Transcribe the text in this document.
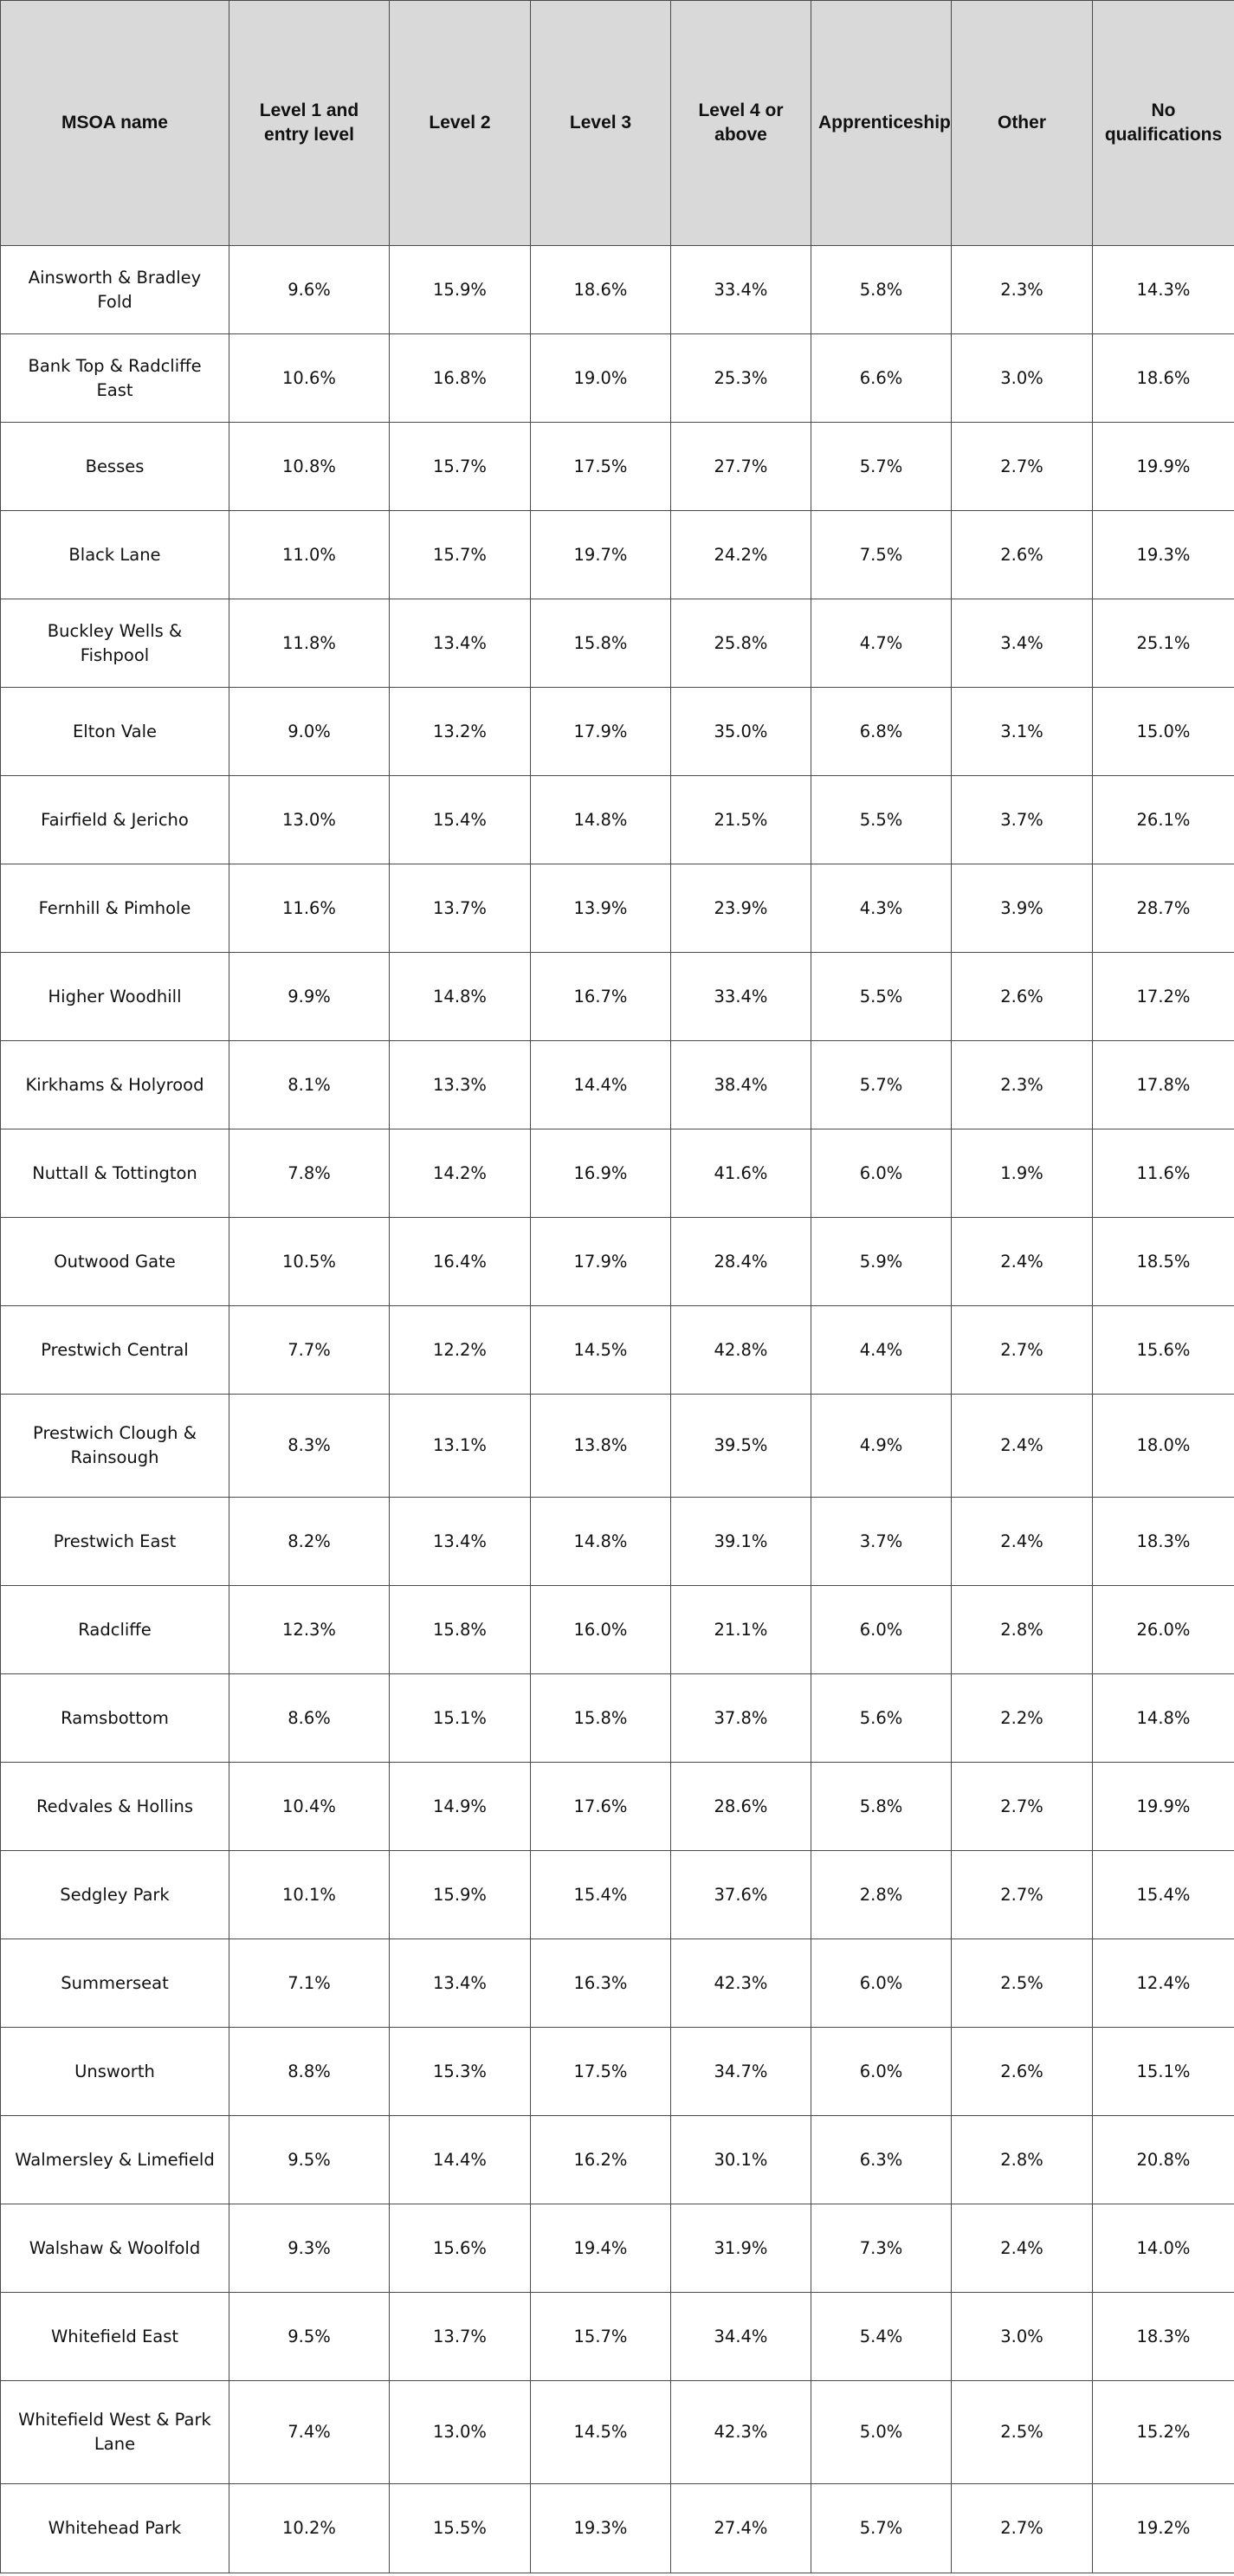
MSOA name	Level 1 and entry level	Level 2	Level 3	Level 4 or above	Apprenticeship	Other	No qualifications
Ainsworth & Bradley Fold	9.6%	15.9%	18.6%	33.4%	5.8%	2.3%	14.3%
Bank Top & Radcliffe East	10.6%	16.8%	19.0%	25.3%	6.6%	3.0%	18.6%
Besses	10.8%	15.7%	17.5%	27.7%	5.7%	2.7%	19.9%
Black Lane	11.0%	15.7%	19.7%	24.2%	7.5%	2.6%	19.3%
Buckley Wells & Fishpool	11.8%	13.4%	15.8%	25.8%	4.7%	3.4%	25.1%
Elton Vale	9.0%	13.2%	17.9%	35.0%	6.8%	3.1%	15.0%
Fairfield & Jericho	13.0%	15.4%	14.8%	21.5%	5.5%	3.7%	26.1%
Fernhill & Pimhole	11.6%	13.7%	13.9%	23.9%	4.3%	3.9%	28.7%
Higher Woodhill	9.9%	14.8%	16.7%	33.4%	5.5%	2.6%	17.2%
Kirkhams & Holyrood	8.1%	13.3%	14.4%	38.4%	5.7%	2.3%	17.8%
Nuttall & Tottington	7.8%	14.2%	16.9%	41.6%	6.0%	1.9%	11.6%
Outwood Gate	10.5%	16.4%	17.9%	28.4%	5.9%	2.4%	18.5%
Prestwich Central	7.7%	12.2%	14.5%	42.8%	4.4%	2.7%	15.6%
Prestwich Clough & Rainsough	8.3%	13.1%	13.8%	39.5%	4.9%	2.4%	18.0%
Prestwich East	8.2%	13.4%	14.8%	39.1%	3.7%	2.4%	18.3%
Radcliffe	12.3%	15.8%	16.0%	21.1%	6.0%	2.8%	26.0%
Ramsbottom	8.6%	15.1%	15.8%	37.8%	5.6%	2.2%	14.8%
Redvales & Hollins	10.4%	14.9%	17.6%	28.6%	5.8%	2.7%	19.9%
Sedgley Park	10.1%	15.9%	15.4%	37.6%	2.8%	2.7%	15.4%
Summerseat	7.1%	13.4%	16.3%	42.3%	6.0%	2.5%	12.4%
Unsworth	8.8%	15.3%	17.5%	34.7%	6.0%	2.6%	15.1%
Walmersley & Limefield	9.5%	14.4%	16.2%	30.1%	6.3%	2.8%	20.8%
Walshaw & Woolfold	9.3%	15.6%	19.4%	31.9%	7.3%	2.4%	14.0%
Whitefield East	9.5%	13.7%	15.7%	34.4%	5.4%	3.0%	18.3%
Whitefield West & Park Lane	7.4%	13.0%	14.5%	42.3%	5.0%	2.5%	15.2%
Whitehead Park	10.2%	15.5%	19.3%	27.4%	5.7%	2.7%	19.2%
